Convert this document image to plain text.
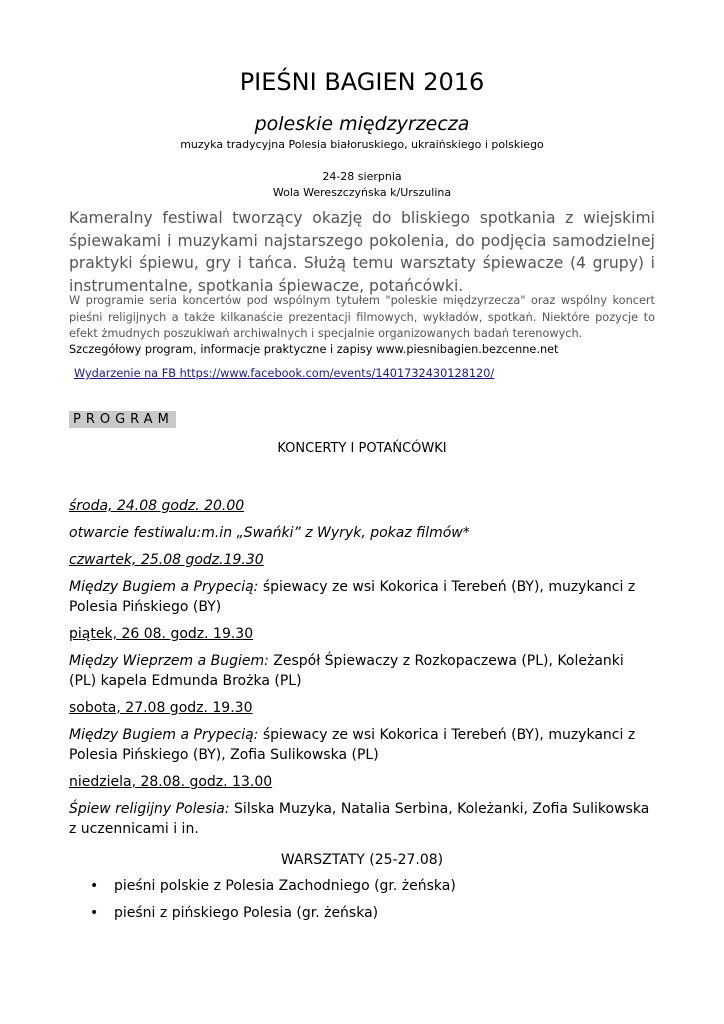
PIEŚNI BAGIEN 2016
poleskie międzyrzecza
muzyka tradycyjna Polesia białoruskiego, ukraińskiego i polskiego
24-28 sierpnia
Wola Wereszczyńska k/Urszulina
Kameralny festiwal tworzący okazję do bliskiego spotkania z wiejskimi śpiewakami i muzykami najstarszego pokolenia, do podjęcia samodzielnej praktyki śpiewu, gry i tańca. Służą temu warsztaty śpiewacze (4 grupy) i instrumentalne, spotkania śpiewacze, potańcówki.
W programie seria koncertów pod wspólnym tytułem "poleskie międzyrzecza" oraz wspólny koncert pieśni religijnych a także kilkanaście prezentacji filmowych, wykładów, spotkań. Niektóre pozycje to efekt żmudnych poszukiwań archiwalnych i specjalnie organizowanych badań terenowych.
Szczegółowy program, informacje praktyczne i zapisy www.piesnibagien.bezcenne.net
Wydarzenie na FB https://www.facebook.com/events/1401732430128120/
PROGRAM
KONCERTY I POTAŃCÓWKI
środa, 24.08 godz. 20.00
otwarcie festiwalu:m.in „Swańki” z Wyryk, pokaz filmów*
czwartek, 25.08 godz.19.30
Między Bugiem a Prypecią: śpiewacy ze wsi Kokorica i Terebeń (BY), muzykanci z Polesia Pińskiego (BY)
piątek, 26 08. godz. 19.30
Między Wieprzem a Bugiem: Zespół Śpiewaczy z Rozkopaczewa (PL), Koleżanki (PL) kapela Edmunda Brożka (PL)
sobota, 27.08 godz. 19.30
Między Bugiem a Prypecią: śpiewacy ze wsi Kokorica i Terebeń (BY), muzykanci z Polesia Pińskiego (BY), Zofia Sulikowska (PL)
niedziela, 28.08. godz. 13.00
Śpiew religijny Polesia: Silska Muzyka, Natalia Serbina, Koleżanki, Zofia Sulikowska z uczennicami i in.
WARSZTATY (25-27.08)
• pieśni polskie z Polesia Zachodniego (gr. żeńska)
• pieśni z pińskiego Polesia (gr. żeńska)
